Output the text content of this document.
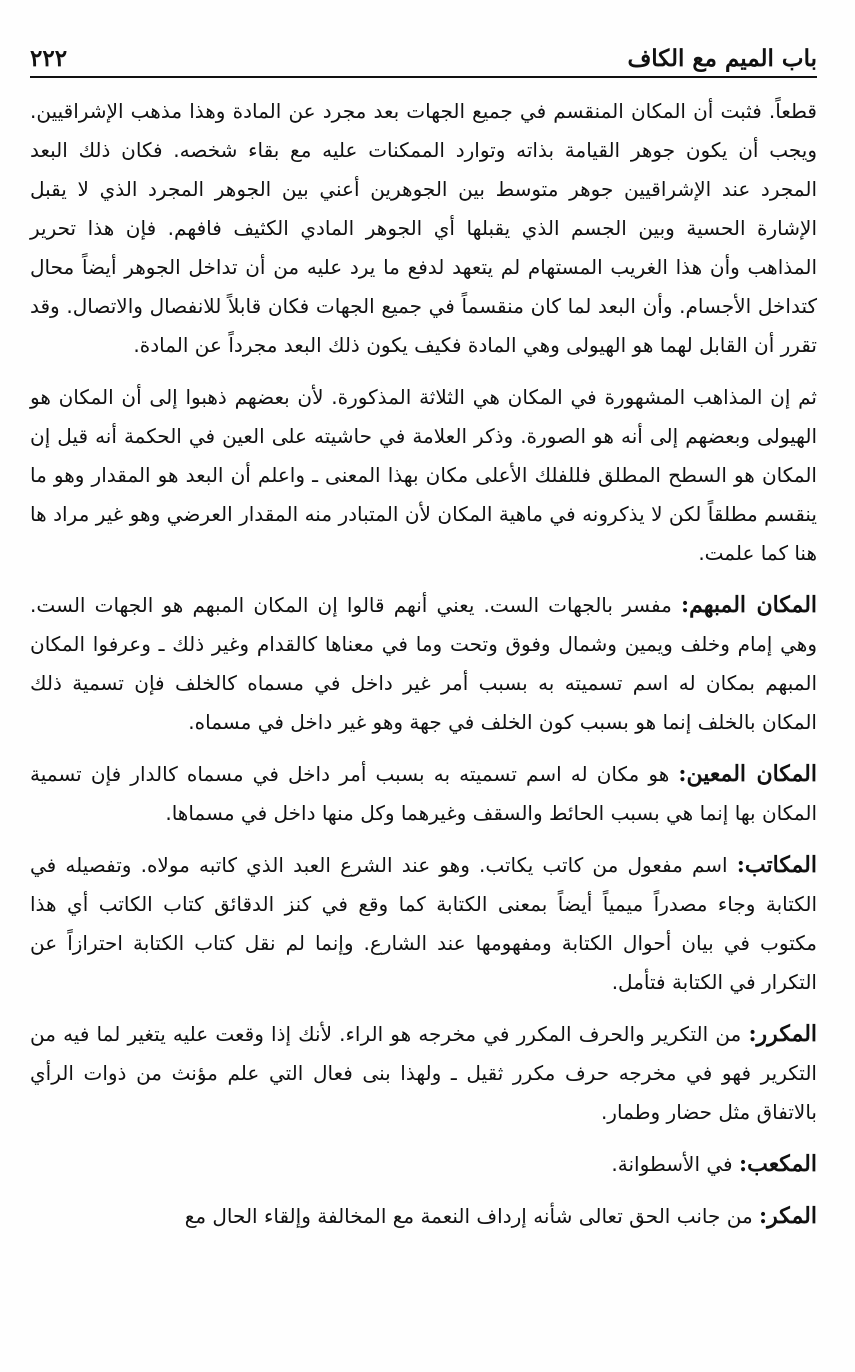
باب الميم مع الكاف
٢٢٢

قطعاً. فثبت أن المكان المنقسم في جميع الجهات بعد مجرد عن المادة وهذا مذهب الإشراقيين. ويجب أن يكون جوهر القيامة بذاته وتوارد الممكنات عليه مع بقاء شخصه. فكان ذلك البعد المجرد عند الإشراقيين جوهر متوسط بين الجوهرين أعني بين الجوهر المجرد الذي لا يقبل الإشارة الحسية وبين الجسم الذي يقبلها أي الجوهر المادي الكثيف فافهم. فإن هذا تحرير المذاهب وأن هذا الغريب المستهام لم يتعهد لدفع ما يرد عليه من أن تداخل الجوهر أيضاً محال كتداخل الأجسام. وأن البعد لما كان منقسماً في جميع الجهات فكان قابلاً للانفصال والاتصال. وقد تقرر أن القابل لهما هو الهيولى وهي المادة فكيف يكون ذلك البعد مجرداً عن المادة.

ثم إن المذاهب المشهورة في المكان هي الثلاثة المذكورة. لأن بعضهم ذهبوا إلى أن المكان هو الهيولى وبعضهم إلى أنه هو الصورة. وذكر العلامة في حاشيته على العين في الحكمة أنه قيل إن المكان هو السطح المطلق فللفلك الأعلى مكان بهذا المعنى ـ واعلم أن البعد هو المقدار وهو ما ينقسم مطلقاً لكن لا يذكرونه في ماهية المكان لأن المتبادر منه المقدار العرضي وهو غير مراد ها هنا كما علمت.

المكان المبهم: مفسر بالجهات الست. يعني أنهم قالوا إن المكان المبهم هو الجهات الست. وهي إمام وخلف ويمين وشمال وفوق وتحت وما في معناها كالقدام وغير ذلك ـ وعرفوا المكان المبهم بمكان له اسم تسميته به بسبب أمر غير داخل في مسماه كالخلف فإن تسمية ذلك المكان بالخلف إنما هو بسبب كون الخلف في جهة وهو غير داخل في مسماه.

المكان المعين: هو مكان له اسم تسميته به بسبب أمر داخل في مسماه كالدار فإن تسمية المكان بها إنما هي بسبب الحائط والسقف وغيرهما وكل منها داخل في مسماها.

المكاتب: اسم مفعول من كاتب يكاتب. وهو عند الشرع العبد الذي كاتبه مولاه. وتفصيله في الكتابة وجاء مصدراً ميمياً أيضاً بمعنى الكتابة كما وقع في كنز الدقائق كتاب الكاتب أي هذا مكتوب في بيان أحوال الكتابة ومفهومها عند الشارع. وإنما لم نقل كتاب الكتابة احترازاً عن التكرار في الكتابة فتأمل.

المكرر: من التكرير والحرف المكرر في مخرجه هو الراء. لأنك إذا وقعت عليه يتغير لما فيه من التكرير فهو في مخرجه حرف مكرر ثقيل ـ ولهذا بنى فعال التي علم مؤنث من ذوات الرأي بالاتفاق مثل حضار وطمار.

المكعب: في الأسطوانة.

المكر: من جانب الحق تعالى شأنه إرداف النعمة مع المخالفة وإلقاء الحال مع
